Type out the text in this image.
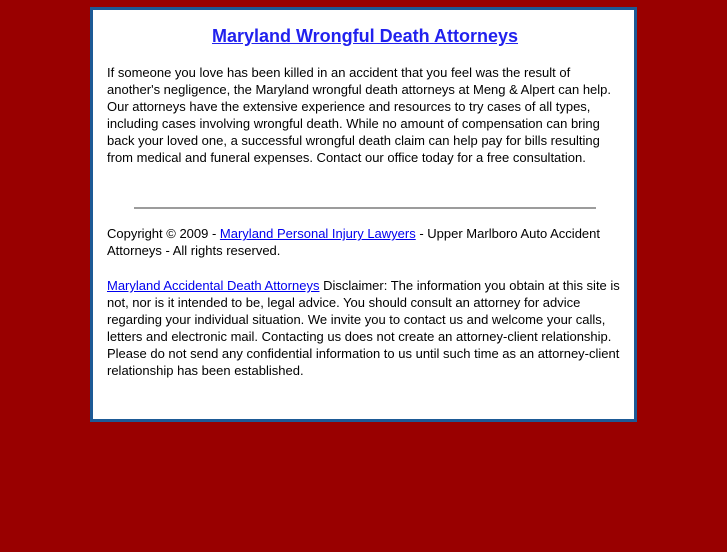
Maryland Wrongful Death Attorneys

If someone you love has been killed in an accident that you feel was the result of another's negligence, the Maryland wrongful death attorneys at Meng & Alpert can help. Our attorneys have the extensive experience and resources to try cases of all types, including cases involving wrongful death. While no amount of compensation can bring back your loved one, a successful wrongful death claim can help pay for bills resulting from medical and funeral expenses. Contact our office today for a free consultation.

Copyright © 2009 - Maryland Personal Injury Lawyers - Upper Marlboro Auto Accident Attorneys - All rights reserved.

Maryland Accidental Death Attorneys Disclaimer: The information you obtain at this site is not, nor is it intended to be, legal advice. You should consult an attorney for advice regarding your individual situation. We invite you to contact us and welcome your calls, letters and electronic mail. Contacting us does not create an attorney-client relationship. Please do not send any confidential information to us until such time as an attorney-client relationship has been established.
